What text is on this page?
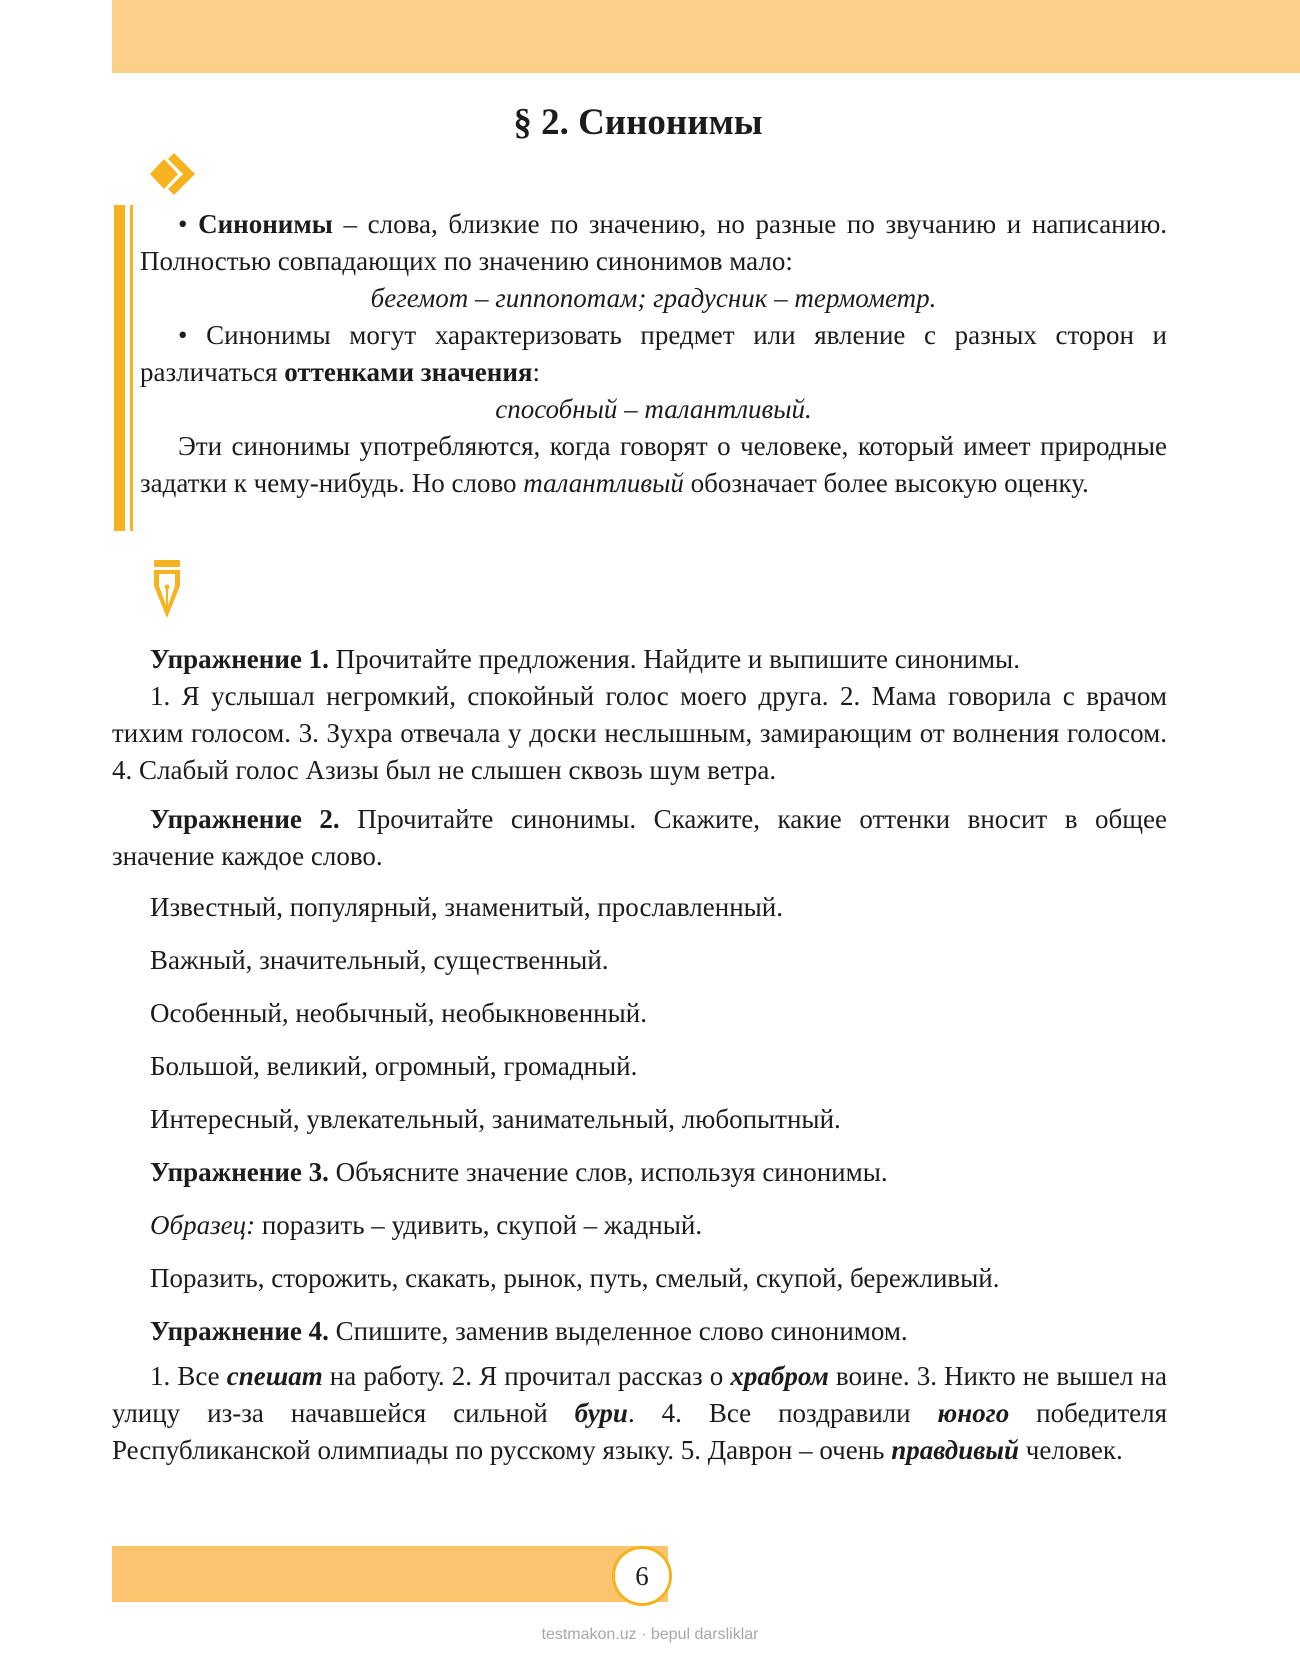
§ 2. Синонимы

• Синонимы – слова, близкие по значению, но разные по звучанию и написанию. Полностью совпадающих по значению синонимов мало:

бегемот – гиппопотам; градусник – термометр.

• Синонимы могут характеризовать предмет или явление с разных сторон и различаться оттенками значения:

способный – талантливый.

Эти синонимы употребляются, когда говорят о человеке, который имеет природные задатки к чему-нибудь. Но слово талантливый обозначает более высокую оценку.

Упражнение 1. Прочитайте предложения. Найдите и выпишите синонимы.

1. Я услышал негромкий, спокойный голос моего друга. 2. Мама говорила с врачом тихим голосом. 3. Зухра отвечала у доски неслышным, замирающим от волнения голосом. 4. Слабый голос Азизы был не слышен сквозь шум ветра.

Упражнение 2. Прочитайте синонимы. Скажите, какие оттенки вносит в общее значение каждое слово.

Известный, популярный, знаменитый, прославленный.

Важный, значительный, существенный.

Особенный, необычный, необыкновенный.

Большой, великий, огромный, громадный.

Интересный, увлекательный, занимательный, любопытный.

Упражнение 3. Объясните значение слов, используя синонимы.

Образец: поразить – удивить, скупой – жадный.

Поразить, сторожить, скакать, рынок, путь, смелый, скупой, бережливый.

Упражнение 4. Спишите, заменив выделенное слово синонимом.

1. Все спешат на работу. 2. Я прочитал рассказ о храбром воине. 3. Никто не вышел на улицу из-за начавшейся сильной бури. 4. Все поздравили юного победителя Республиканской олимпиады по русскому языку. 5. Даврон – очень правдивый человек.

6
testmakon.uz · bepul darsliklar
